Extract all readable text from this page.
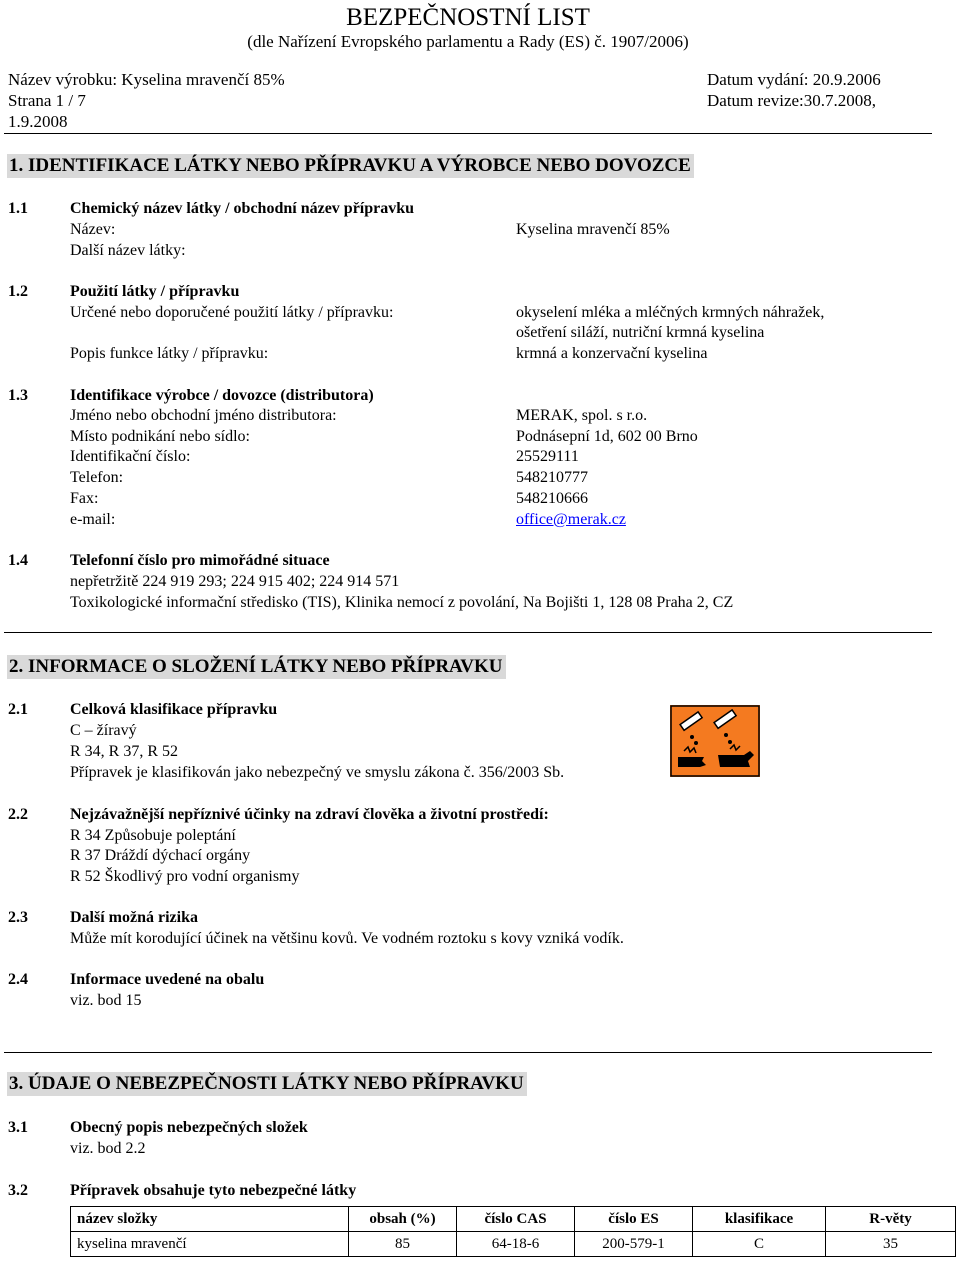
BEZPEČNOSTNÍ LIST
(dle Nařízení Evropského parlamentu a Rady (ES) č. 1907/2006)
Název výrobku: Kyselina mravenčí 85%	Datum vydání: 20.9.2006
Strana 1 / 7	Datum revize:30.7.2008,
1.9.2008
1. IDENTIFIKACE LÁTKY NEBO PŘÍPRAVKU A VÝROBCE NEBO DOVOZCE
1.1	Chemický název látky / obchodní název přípravku
Název:	Kyselina mravenčí 85%
Další název látky:
1.2	Použití látky / přípravku
Určené nebo doporučené použití látky / přípravku:	okyselení mléka a mléčných krmných náhražek,
ošetření siláží, nutriční krmná kyselina
Popis funkce látky / přípravku:	krmná a konzervační kyselina
1.3	Identifikace výrobce / dovozce (distributora)
Jméno nebo obchodní jméno distributora:	MERAK, spol. s r.o.
Místo podnikání nebo sídlo:	Podnásepní 1d, 602 00 Brno
Identifikační číslo:	25529111
Telefon:	548210777
Fax:	548210666
e-mail:	office@merak.cz
1.4	Telefonní číslo pro mimořádné situace
nepřetržitě 224 919 293; 224 915 402; 224 914 571
Toxikologické informační středisko (TIS), Klinika nemocí z povolání, Na Bojišti 1, 128 08 Praha 2, CZ
2. INFORMACE O SLOŽENÍ LÁTKY NEBO PŘÍPRAVKU
2.1	Celková klasifikace přípravku
C – žíravý
R 34, R 37, R 52
Přípravek je klasifikován jako nebezpečný ve smyslu zákona č. 356/2003 Sb.
2.2	Nejzávažnější nepříznivé účinky na zdraví člověka a životní prostředí:
R 34 Způsobuje poleptání
R 37 Dráždí dýchací orgány
R 52 Škodlivý pro vodní organismy
2.3	Další možná rizika
Může mít korodující účinek na většinu kovů. Ve vodném roztoku s kovy vzniká vodík.
2.4	Informace uvedené na obalu
viz. bod 15
3. ÚDAJE O NEBEZPEČNOSTI LÁTKY NEBO PŘÍPRAVKU
3.1	Obecný popis nebezpečných složek
viz. bod 2.2
3.2	Přípravek obsahuje tyto nebezpečné látky
název složky	obsah (%)	číslo CAS	číslo ES	klasifikace	R-věty
kyselina mravenčí	85	64-18-6	200-579-1	C	35
